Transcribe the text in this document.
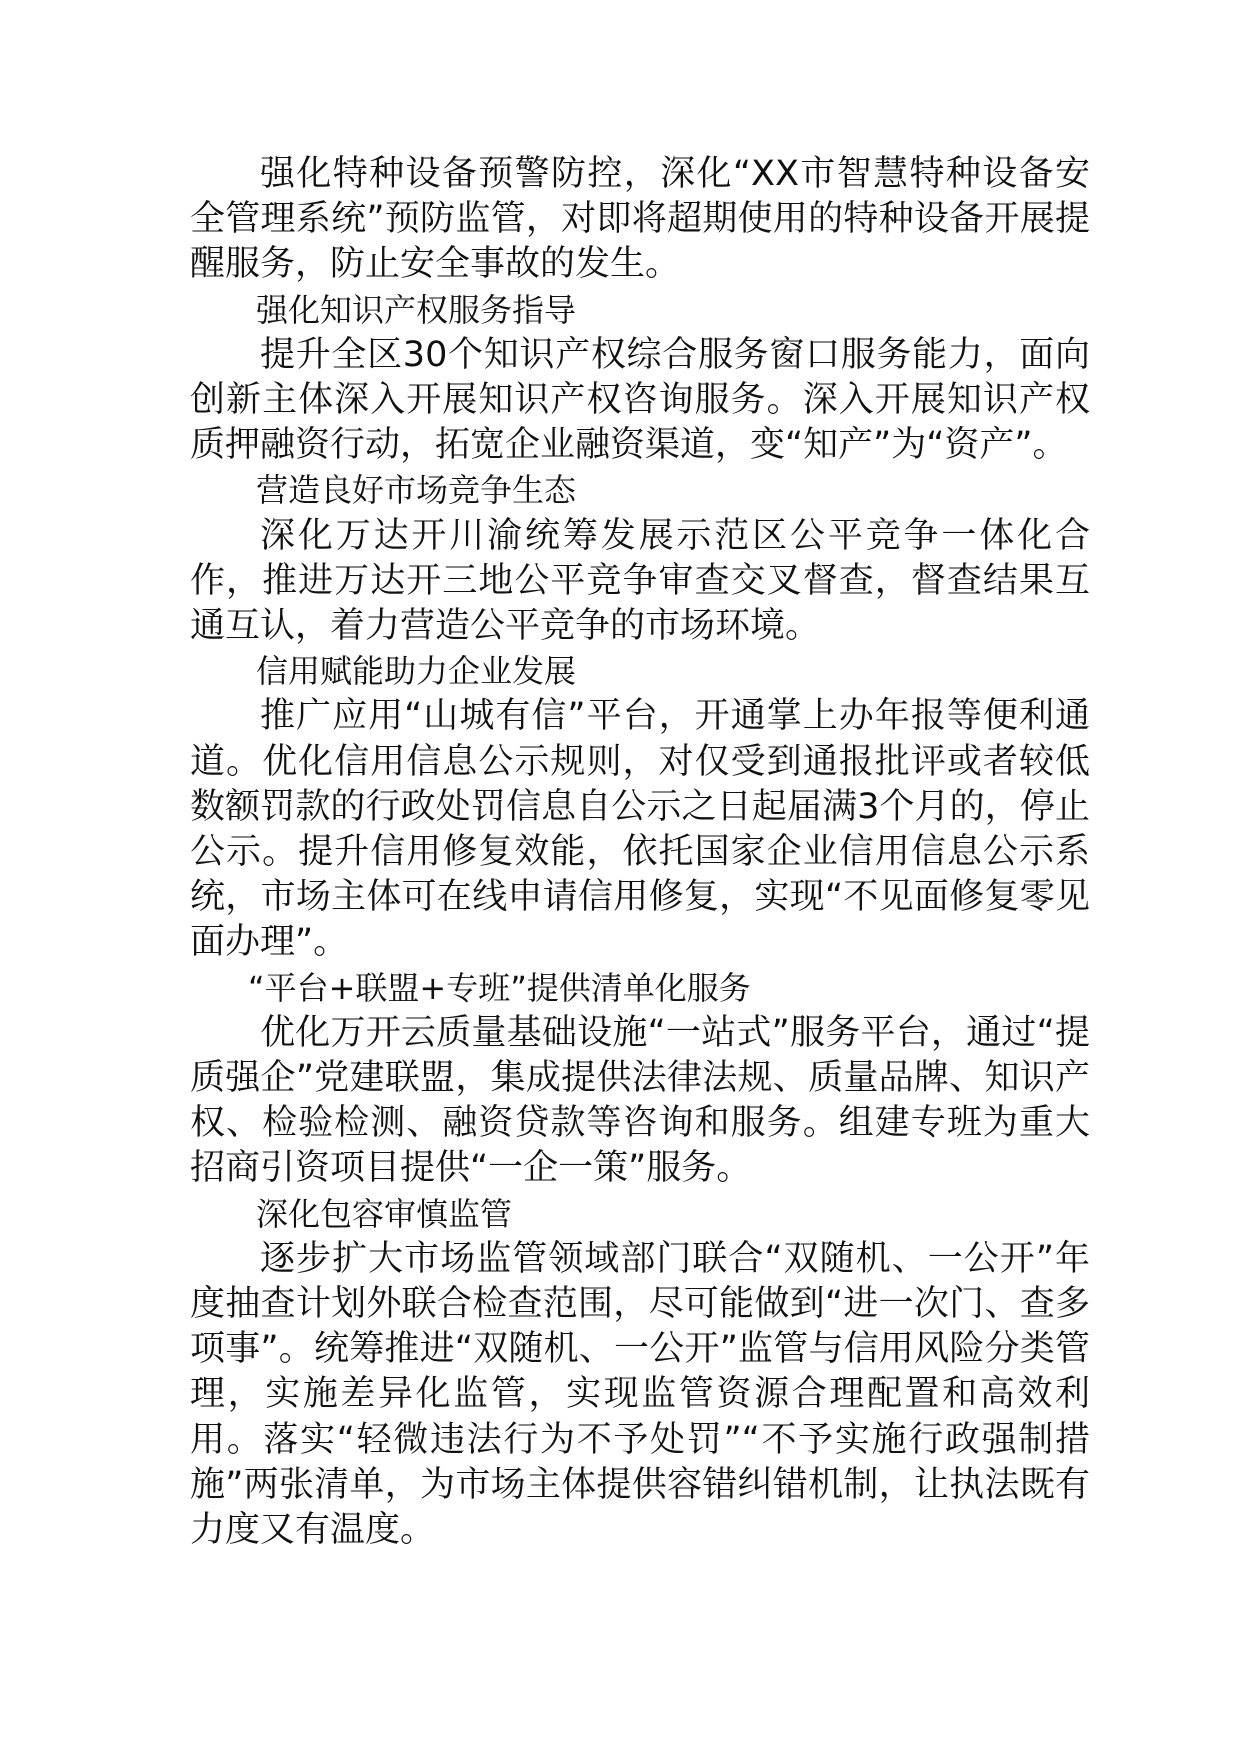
强化特种设备预警防控，深化“XX市智慧特种设备安全管理系统”预防监管，对即将超期使用的特种设备开展提醒服务，防止安全事故的发生。

强化知识产权服务指导

提升全区30个知识产权综合服务窗口服务能力，面向创新主体深入开展知识产权咨询服务。深入开展知识产权质押融资行动，拓宽企业融资渠道，变“知产”为“资产”。

营造良好市场竞争生态

深化万达开川渝统筹发展示范区公平竞争一体化合作，推进万达开三地公平竞争审查交叉督查，督查结果互通互认，着力营造公平竞争的市场环境。

信用赋能助力企业发展

推广应用“山城有信”平台，开通掌上办年报等便利通道。优化信用信息公示规则，对仅受到通报批评或者较低数额罚款的行政处罚信息自公示之日起届满3个月的，停止公示。提升信用修复效能，依托国家企业信用信息公示系统，市场主体可在线申请信用修复，实现“不见面修复零见面办理”。

“平台+联盟+专班”提供清单化服务

优化万开云质量基础设施“一站式”服务平台，通过“提质强企”党建联盟，集成提供法律法规、质量品牌、知识产权、检验检测、融资贷款等咨询和服务。组建专班为重大招商引资项目提供“一企一策”服务。

深化包容审慎监管

逐步扩大市场监管领域部门联合“双随机、一公开”年度抽查计划外联合检查范围，尽可能做到“进一次门、查多项事”。统筹推进“双随机、一公开”监管与信用风险分类管理，实施差异化监管，实现监管资源合理配置和高效利用。落实“轻微违法行为不予处罚”“不予实施行政强制措施”两张清单，为市场主体提供容错纠错机制，让执法既有力度又有温度。
